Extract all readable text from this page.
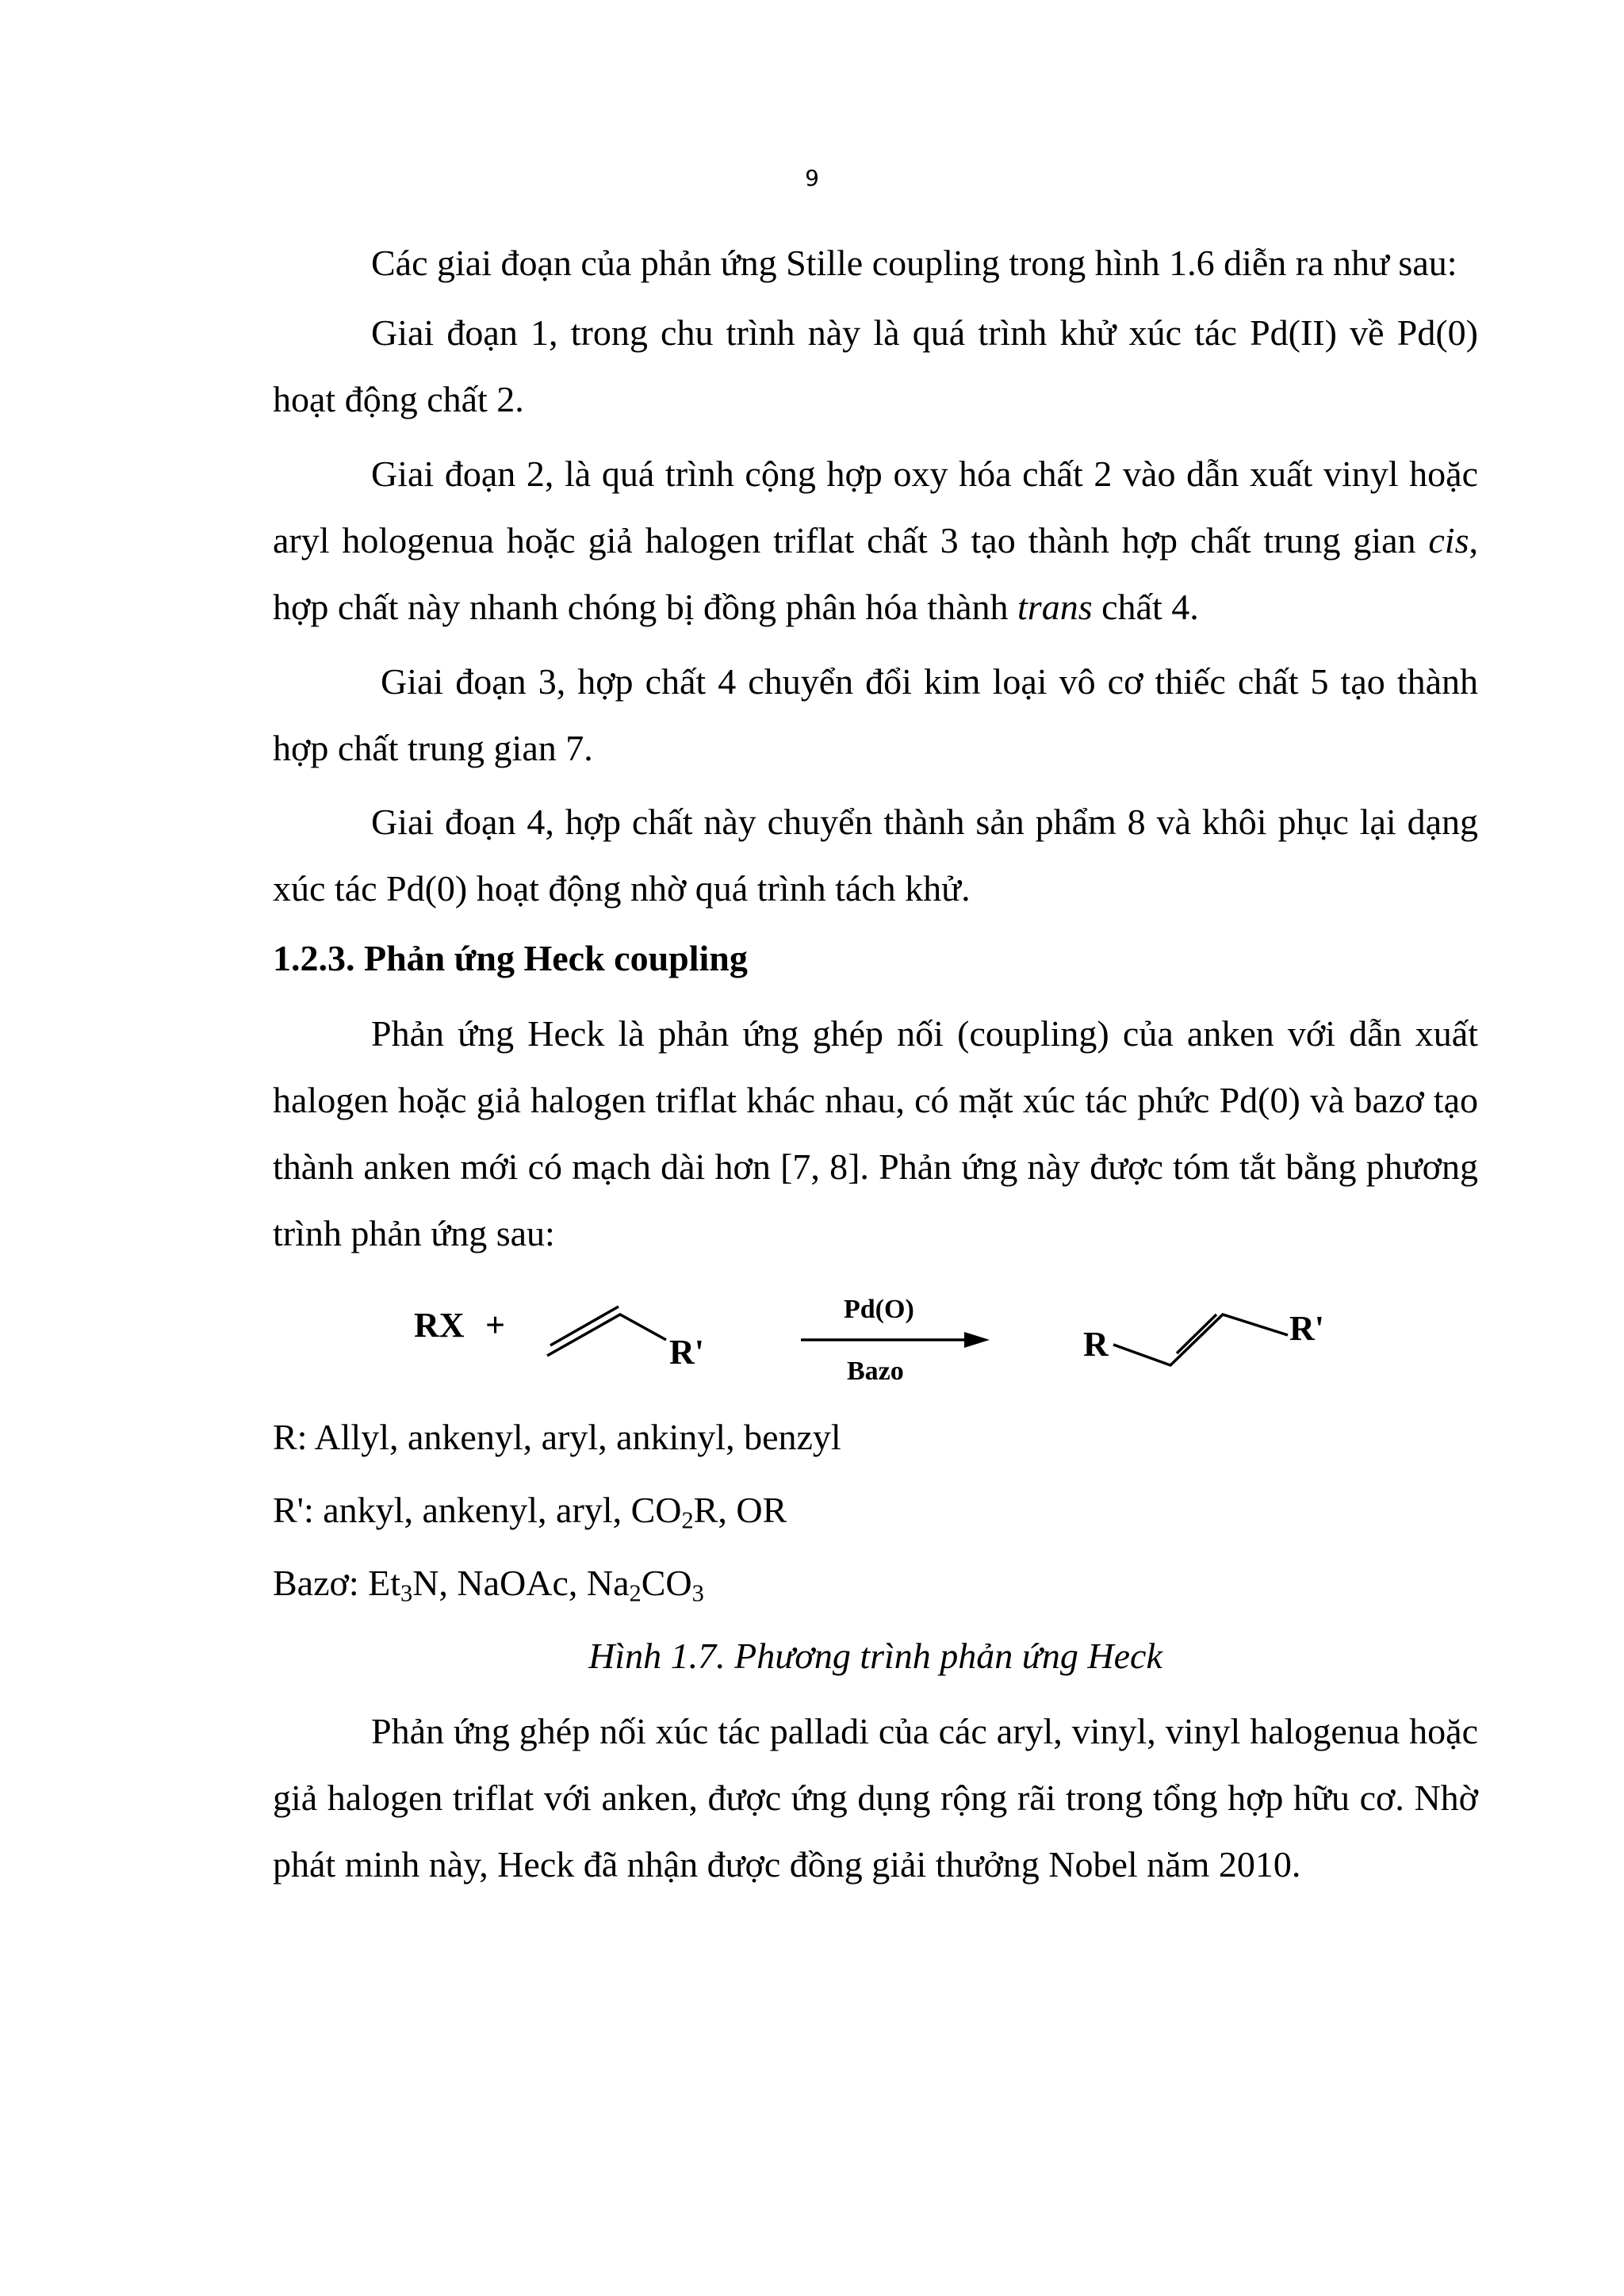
9

Các giai đoạn của phản ứng Stille coupling trong hình 1.6 diễn ra như sau:

Giai đoạn 1, trong chu trình này là quá trình khử xúc tác Pd(II) về Pd(0) hoạt động chất 2.

Giai đoạn 2, là quá trình cộng hợp oxy hóa chất 2 vào dẫn xuất vinyl hoặc aryl hologenua hoặc giả halogen triflat chất 3 tạo thành hợp chất trung gian cis, hợp chất này nhanh chóng bị đồng phân hóa thành trans chất 4.

Giai đoạn 3, hợp chất 4 chuyển đổi kim loại vô cơ thiếc chất 5 tạo thành hợp chất trung gian 7.

Giai đoạn 4, hợp chất này chuyển thành sản phẩm 8 và khôi phục lại dạng xúc tác Pd(0) hoạt động nhờ quá trình tách khử.

1.2.3. Phản ứng Heck coupling

Phản ứng Heck là phản ứng ghép nối (coupling) của anken với dẫn xuất halogen hoặc giả halogen triflat khác nhau, có mặt xúc tác phức Pd(0) và bazơ tạo thành anken mới có mạch dài hơn [7, 8]. Phản ứng này được tóm tắt bằng phương trình phản ứng sau:

RX +
R'
Pd(O)
Bazo
R	R'

R: Allyl, ankenyl, aryl, ankinyl, benzyl

R': ankyl, ankenyl, aryl, $CO_2R$, OR

Bazơ: $Et_3N$, NaOAc, $Na_2CO_3$

Hình 1.7. Phương trình phản ứng Heck

Phản ứng ghép nối xúc tác palladi của các aryl, vinyl, vinyl halogenua hoặc giả halogen triflat với anken, được ứng dụng rộng rãi trong tổng hợp hữu cơ. Nhờ phát minh này, Heck đã nhận được đồng giải thưởng Nobel năm 2010.
